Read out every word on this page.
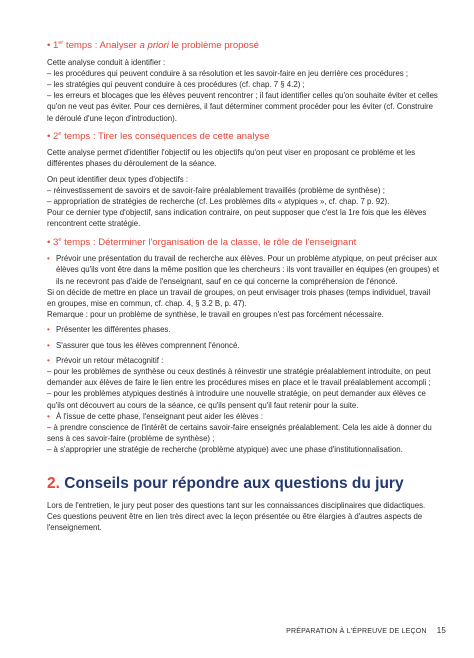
• 1er temps : Analyser a priori le problème proposé

Cette analyse conduit à identifier :

– les procédures qui peuvent conduire à sa résolution et les savoir-faire en jeu derrière ces procédures ;

– les stratégies qui peuvent conduire à ces procédures (cf. chap. 7 § 4.2) ;

– les erreurs et blocages que les élèves peuvent rencontrer ; il faut identifier celles qu'on souhaite éviter et celles qu'on ne veut pas éviter. Pour ces dernières, il faut déterminer comment procéder pour les éviter (cf. Construire le déroulé d'une leçon d'introduction).

• 2e temps : Tirer les conséquences de cette analyse

Cette analyse permet d'identifier l'objectif ou les objectifs qu'on peut viser en proposant ce problème et les différentes phases du déroulement de la séance.

On peut identifier deux types d'objectifs :

– réinvestissement de savoirs et de savoir-faire préalablement travaillés (problème de synthèse) ;

– appropriation de stratégies de recherche (cf. Les problèmes dits « atypiques », cf. chap. 7 p. 92).

Pour ce dernier type d'objectif, sans indication contraire, on peut supposer que c'est la 1re fois que les élèves rencontrent cette stratégie.

• 3e temps : Déterminer l'organisation de la classe, le rôle de l'enseignant

• Prévoir une présentation du travail de recherche aux élèves. Pour un problème atypique, on peut préciser aux élèves qu'ils vont être dans la même position que les chercheurs : ils vont travailler en équipes (en groupes) et ils ne recevront pas d'aide de l'enseignant, sauf en ce qui concerne la compréhension de l'énoncé.

Si on décide de mettre en place un travail de groupes, on peut envisager trois phases (temps individuel, travail en groupes, mise en commun, cf. chap. 4, § 3.2 B, p. 47).

Remarque : pour un problème de synthèse, le travail en groupes n'est pas forcément nécessaire.

• Présenter les différentes phases.

• S'assurer que tous les élèves comprennent l'énoncé.

• Prévoir un retour métacognitif :

– pour les problèmes de synthèse ou ceux destinés à réinvestir une stratégie préalablement introduite, on peut demander aux élèves de faire le lien entre les procédures mises en place et le travail préalablement accompli ;

– pour les problèmes atypiques destinés à introduire une nouvelle stratégie, on peut demander aux élèves ce qu'ils ont découvert au cours de la séance, ce qu'ils pensent qu'il faut retenir pour la suite.

• À l'issue de cette phase, l'enseignant peut aider les élèves :

– à prendre conscience de l'intérêt de certains savoir-faire enseignés préalablement. Cela les aide à donner du sens à ces savoir-faire (problème de synthèse) ;

– à s'approprier une stratégie de recherche (problème atypique) avec une phase d'institutionnalisation.

2. Conseils pour répondre aux questions du jury

Lors de l'entretien, le jury peut poser des questions tant sur les connaissances disciplinaires que didactiques. Ces questions peuvent être en lien très direct avec la leçon présentée ou être élargies à d'autres aspects de l'enseignement.

PRÉPARATION À L'ÉPREUVE DE LEÇON 15
